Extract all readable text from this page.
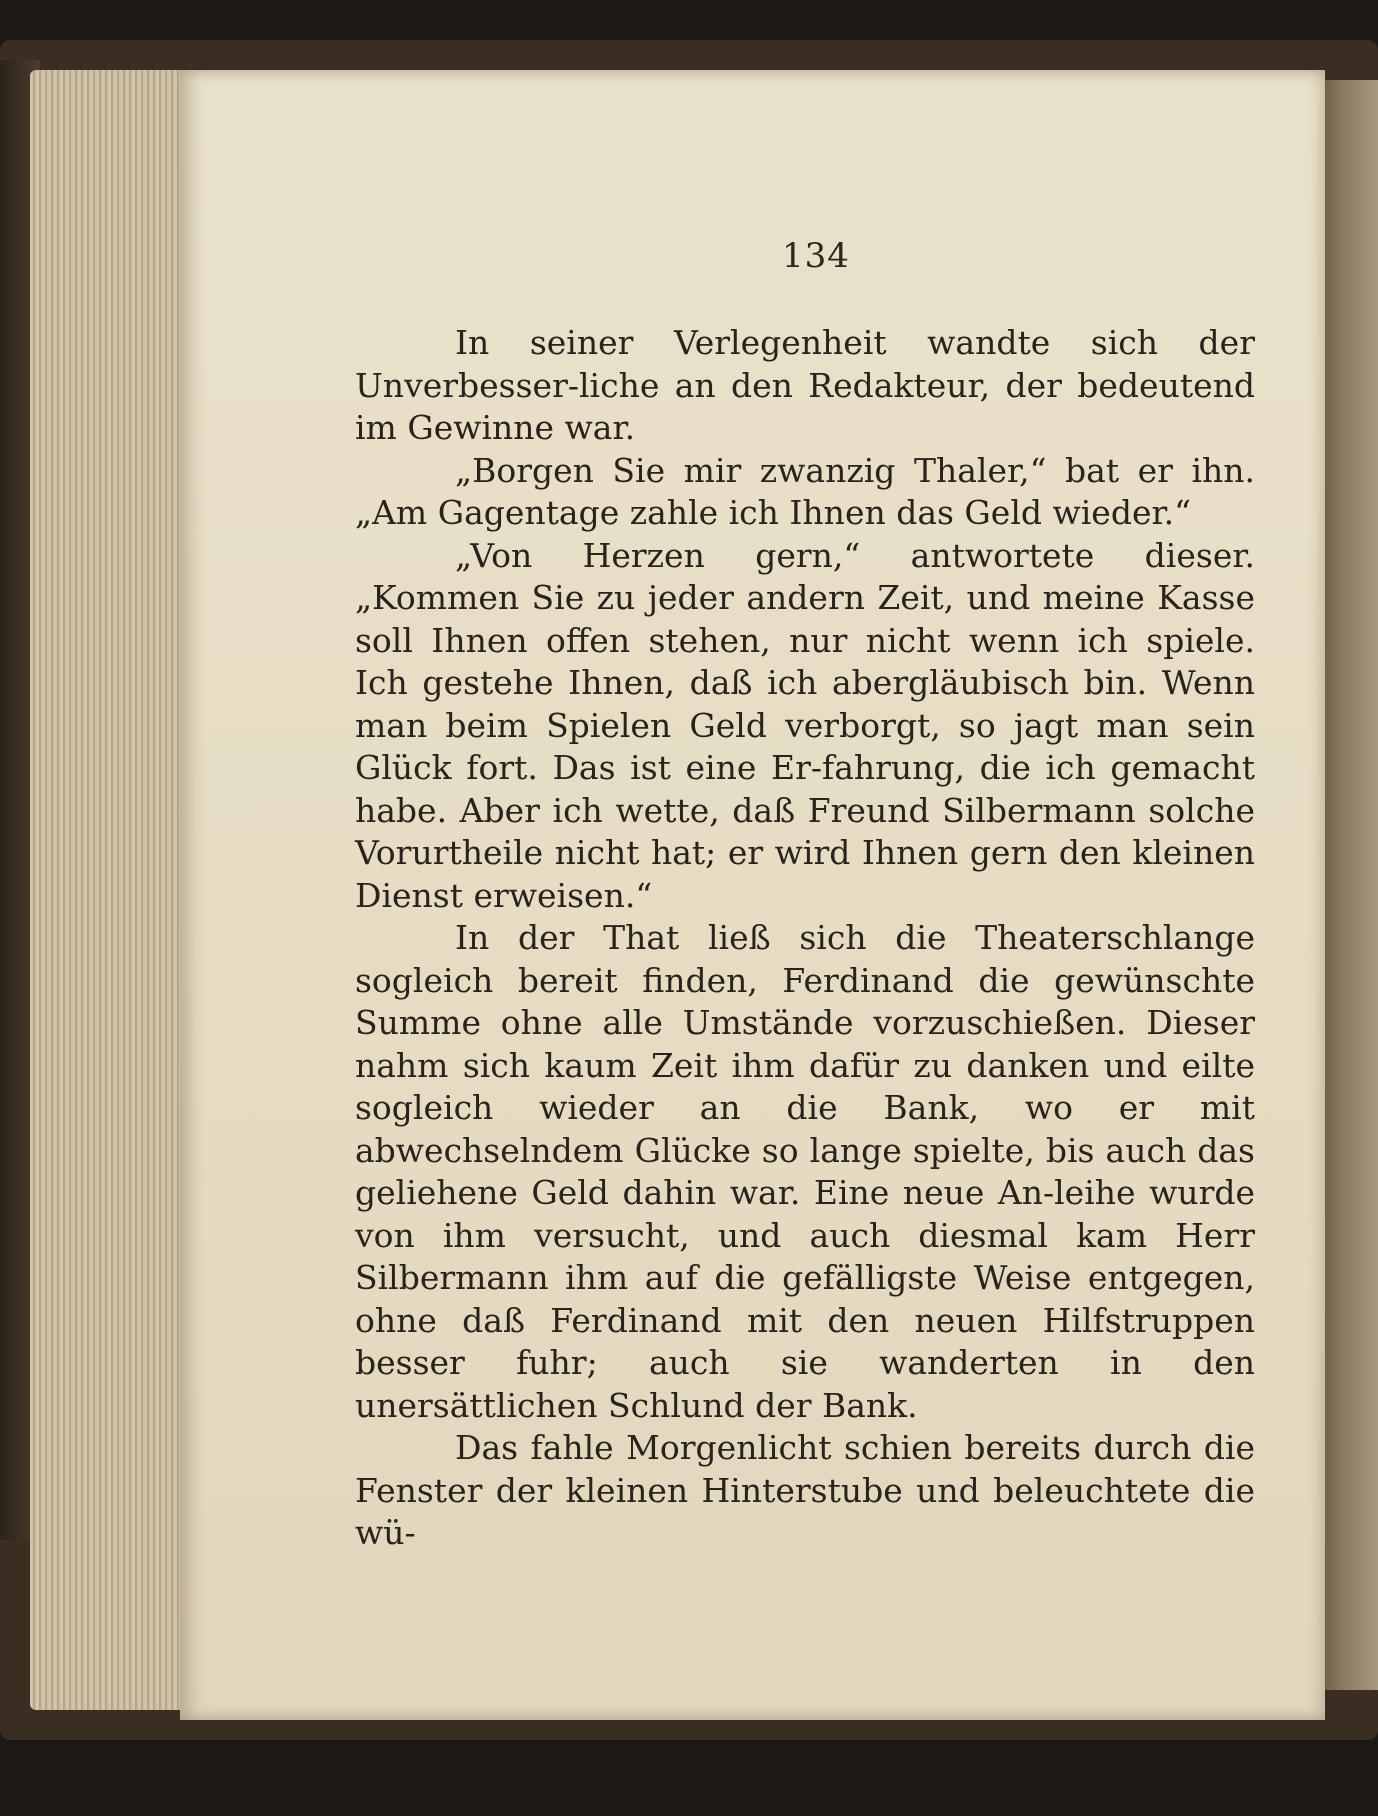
134

In seiner Verlegenheit wandte sich der Unverbesser-liche an den Redakteur, der bedeutend im Gewinne war.

„Borgen Sie mir zwanzig Thaler,“ bat er ihn. „Am Gagentage zahle ich Ihnen das Geld wieder.“

„Von Herzen gern,“ antwortete dieser. „Kommen Sie zu jeder andern Zeit, und meine Kasse soll Ihnen offen stehen, nur nicht wenn ich spiele. Ich gestehe Ihnen, daß ich abergläubisch bin. Wenn man beim Spielen Geld verborgt, so jagt man sein Glück fort. Das ist eine Er-fahrung, die ich gemacht habe. Aber ich wette, daß Freund Silbermann solche Vorurtheile nicht hat; er wird Ihnen gern den kleinen Dienst erweisen.“

In der That ließ sich die Theaterschlange sogleich bereit finden, Ferdinand die gewünschte Summe ohne alle Umstände vorzuschießen. Dieser nahm sich kaum Zeit ihm dafür zu danken und eilte sogleich wieder an die Bank, wo er mit abwechselndem Glücke so lange spielte, bis auch das geliehene Geld dahin war. Eine neue An-leihe wurde von ihm versucht, und auch diesmal kam Herr Silbermann ihm auf die gefälligste Weise entgegen, ohne daß Ferdinand mit den neuen Hilfstruppen besser fuhr; auch sie wanderten in den unersättlichen Schlund der Bank.

Das fahle Morgenlicht schien bereits durch die Fenster der kleinen Hinterstube und beleuchtete die wü-
